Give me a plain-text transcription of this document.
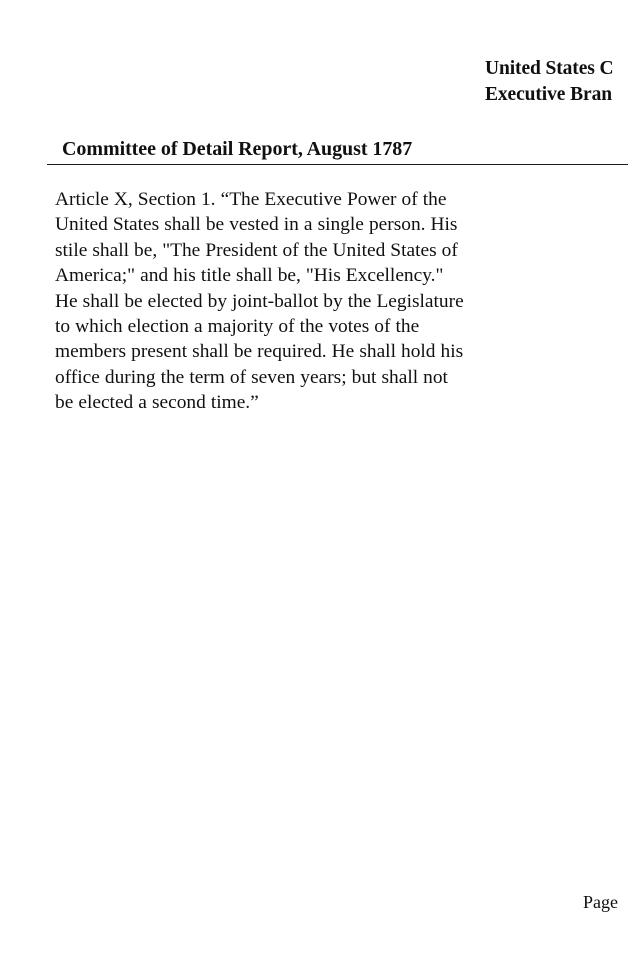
United States C
Executive Bran
Committee of Detail Report, August 1787

Article X, Section 1. “The Executive Power of the United States shall be vested in a single person. His stile shall be, "The President of the United States of America;" and his title shall be, "His Excellency." He shall be elected by joint-ballot by the Legislature to which election a majority of the votes of the members present shall be required. He shall hold his office during the term of seven years; but shall not be elected a second time.”

Page
